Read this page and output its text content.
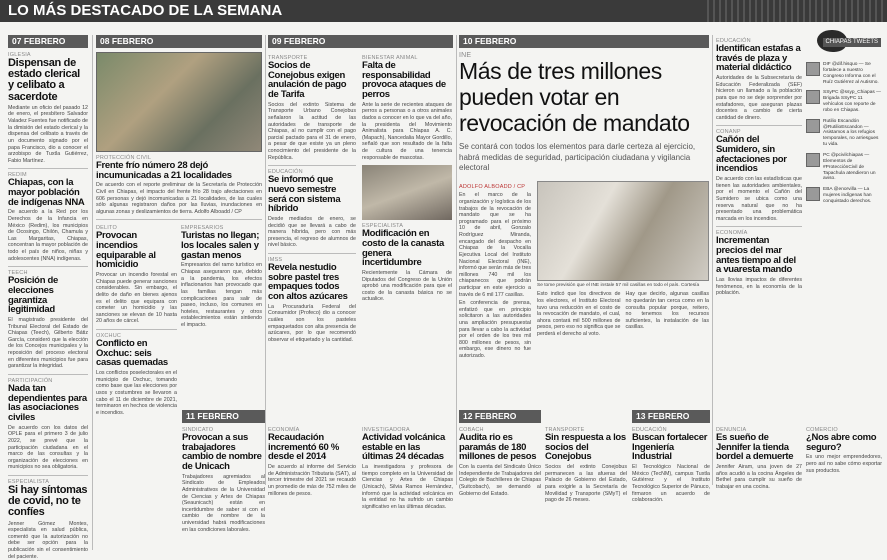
LO MÁS DESTACADO DE LA SEMANA
07 FEBRERO
IGLESIA
Dispensan de estado clerical y celibato a sacerdote
Mediante un oficio del pasado 12 de enero, el presbítero Salvador Valadez Fuentes fue notificado de la dimisión del estado clerical y la dispensa del celibato a través de un documento signado por el papa Francisco, dio a conocer el arzobispo de Tuxtla Gutiérrez, Fabio Martínez.
REDIM
Chiapas, con la mayor población de indígenas NNA
De acuerdo a la Red por los Derechos de la Infancia en México (Redim), los municipios de Ocosingo, Chilón, Chamula y Las Margaritas, Chiapas, concentran la mayor población de todo el país de niños, niñas y adolescentes (NNA) indígenas.
TEECH
Posición de elecciones garantiza legitimidad
El magistrado presidente del Tribunal Electoral del Estado de Chiapas (Teech), Gilberto Bátiz García, consideró que la elección de los Concejos municipales y la reposición del proceso electoral en diferentes municipios fue para garantizar la integridad.
PARTICIPACIÓN
Nada tan dependientes para las asociaciones civiles
De acuerdo con los datos del OPLE para el primero 3 de julio 2022, se prevé que la participación ciudadana en el marco de las consultas y la organización de elecciones en municipios no sea obligatoria.
ESPECIALISTA
Si hay síntomas de covid, no te confíes
Jenner Gómez Montes, especialista en salud pública, comentó que la autorización no debe ser opción para la publicación sin el consentimiento del paciente.
08 FEBRERO
PROTECCIÓN CIVIL
Frente frío número 28 dejó incumunicadas a 21 localidades
De acuerdo con el reporte preliminar de la Secretaría de Protección Civil en Chiapas, el impacto del frente frío 28 trajo afectaciones en 606 personas y dejó incomunicadas a 21 localidades, de las cuales sólo algunas registraron daños por las lluvias, inundaciones en algunas zonas y deslizamientos de tierra. Adolfo Alboadd / CP
DELITO
Provocan incendios equiparable al homicidio
Provocar un incendio forestal en Chiapas puede generar sanciones considerables. Sin embargo, el delito de daño en bienes ajenos es el delito que equipara con cometer un homicidio y las sanciones se elevan de 10 hasta 20 años de cárcel.
OXCHUC
Conflicto en Oxchuc: seis casas quemadas
Los conflictos poselectorales en el municipio de Oxchuc, tomando como base que las elecciones por usos y costumbres se llevaron a cabo el 11 de diciembre de 2021, terminaron en hechos de violencia e incendios.
EMPRESARIOS
Turistas no llegan; los locales salen y gastan menos
Empresarios del ramo turístico en Chiapas aseguraron que, debido a la pandemia, los efectos inflacionarios han provocado que las familias tengan más complicaciones para salir de paseo, incluso, los comunes en hoteles, restaurantes y otros establecimientos están sintiendo el impacto.
09 FEBRERO
TRANSPORTE
Socios de Conejobus exigen anulación de pago de Tarifa
Socios del extinto Sistema de Transporte Urbano Conejobus señalaron la actitud de las autoridades de transporte de Chiapas, al no cumplir con el pago parcial pactado para el 31 de enero, a pesar de que existe ya un pleno conocimiento del presidente de la República.
EDUCACIÓN
Se informó que nuevo semestre será con sistema híbrido
Desde mediados de enero, se decidió que se llevará a cabo de manera híbrida, pero con más presencia, el regreso de alumnos de nivel básico.
IMSS
Revela nestudio sobre pastel tres empaques todos con altos azúcares
La Procuraduría Federal del Consumidor (Profeco) dio a conocer cuáles son los pasteles empaquetados con alta presencia de azúcares, por lo que recomendó observar el etiquetado y la cantidad.
BIENESTAR ANIMAL
Falta de responsabilidad provoca ataques de perros
Ante la serie de recientes ataques de perros a personas o a otros animales dados a conocer en lo que va del año, la presidenta del Movimiento Animalista para Chiapas A. C. (Mapach), Nancedalia Mayor Gordillo, señaló que son resultado de la falta de cultura de una tenencia responsable de mascotas.
ESPECIALISTA
Modificación en costo de la canasta genera incertidumbre
Recientemente la Cámara de Diputados del Congreso de la Unión aprobó una modificación para que el costo de la canasta básica no se actualice.
10 FEBRERO
INE
Más de tres millones pueden votar en revocación de mandato
Se contará con todos los elementos para darle certeza al ejercicio, habrá medidas de seguridad, participación ciudadana y vigilancia electoral
ADOLFO ALBOADD / CP
En el marco de la organización y logística de los trabajos de la revocación de mandato que se ha programado para el próximo 10 de abril, Gonzalo Rodríguez Miranda, encargado del despacho en Chiapas de la Vocalía Ejecutiva Local del Instituto Nacional Electoral (INE), informó que serán más de tres millones 740 mil los chiapanecos que podrán participar en este ejercicio a través de 6 mil 177 casillas.
En conferencia de prensa, enfatizó que en principio solicitaron a las autoridades una ampliación presupuestal para llevar a cabo la actividad por el orden de los tres mil 800 millones de pesos, sin embargo, ese dinero no fue autorizado.
Se tome previsión que el INE instale 57 mil casillas en todo el país. Cortesía
Esto indicó que los directivos de los electores, el Instituto Electoral tuvo una reducción en el costo de la revocación de mandato, el cual, ahora contará mil 500 millones de pesos, pero eso no significa que se perderá el derecho al voto.
Hay que decirlo, algunas casillas no quedarán tan cerca como en la consulta popular porque, reitero, no tenemos los recursos suficientes, la instalación de las casillas.
EDUCACIÓN
Identifican estafas a través de plaza y material didáctico
Autoridades de la Subsecretaría de Educación Federalizada (SEF) hicieron un llamado a la población para que no se deje sorprender por estafadores, que aseguran plazas docentes a cambio de cierta cantidad de dinero.
CONANP
Cañón del Sumidero, sin afectaciones por incendios
De acuerdo con las estadísticas que tienen las autoridades ambientales, por el momento el Cañón del Sumidero se ubica como una reserva natural que no ha presentado una problemática marcada en los incendios.
ECONOMÍA
Incrementan precios del mar antes tiempo al del a vuaresta mando
Las llovias impactos de diferentes fenómenos, en la economía de la población.
CHIAPAS TWEETS
DIF @dif.hisquo — Se fortalece a nuestro Congreso Informa con el Ruíz Gutiérrez al Autismo.
SSyPC @ssyp_Chiapas — Brigada SSyPC 11 vehículos con reporte de robo en Chiapas.
Rutilio Escandón @RutilioEscandon — Asistamos a los refugios temporales, no arriesgues tu vida.
PC @pcivilchiapas — Elementos de #ProtecciónCivil de Tapachula atendieron un aviso.
EBA @enorvilla — La mujeres indígenas han conquistado derechos.
11 FEBRERO
SINDICATO
Provocan a sus trabajadores cambio de nombre de Unicach
Trabajadores agremiados al Sindicato de Empleados Administrativos de la Universidad de Ciencias y Artes de Chiapas (Seaunicach) están en incertidumbre de saber si con el cambio de nombre de la universidad habrá modificaciones en las condiciones laborales.
ECONOMÍA
Recaudación incrementó 60 % desde el 2014
De acuerdo al informe del Servicio de Administración Tributaria (SAT), al tercer trimestre del 2021 se recaudó un promedio de más de 752 miles de millones de pesos.
INVESTIGADORA
Actividad volcánica estable en las últimas 24 décadas
La investigadora y profesora de tiempo completo en la Universidad de Ciencias y Artes de Chiapas (Unicach), Silvia Ramos Hernández, informó que la actividad volcánica en la entidad no ha sufrido un cambio significativo en las últimas décadas.
12 FEBRERO
COBACH
Audita rio es paramás de 180 millones de pesos
Con la cuenta del Sindicato Único Independiente de Trabajadores del Colegio de Bachilleres de Chiapas (Suitcobach), se demandó al Gobierno del Estado.
TRANSPORTE
Sin respuesta a los socios del Conejobus
Socios del extinto Conejobus permanecen a las afueras del Palacio de Gobierno del Estado, para exigirle a la Secretaría de Movilidad y Transporte (SMyT) el pago de 26 meses.
13 FEBRERO
EDUCACIÓN
Buscan fortalecer Ingeniería Industrial
El Tecnológico Nacional de México (TecNM), campus Tuxtla Gutiérrez y el Instituto Tecnológico Superior de Pánuco, firmaron un acuerdo de colaboración.
DENUNCIA
Es sueño de Jennifer la tienda bordel a demuerte
Jennifer Airam, una joven de 27 años acudió a la cocina Ángeles de Bethel para cumplir su sueño de trabajar en una cocina.
COMERCIO
¿Nos abre como seguro?
Es uno mejor emprendedores, pero así no sabe cómo exportar sus productos.
